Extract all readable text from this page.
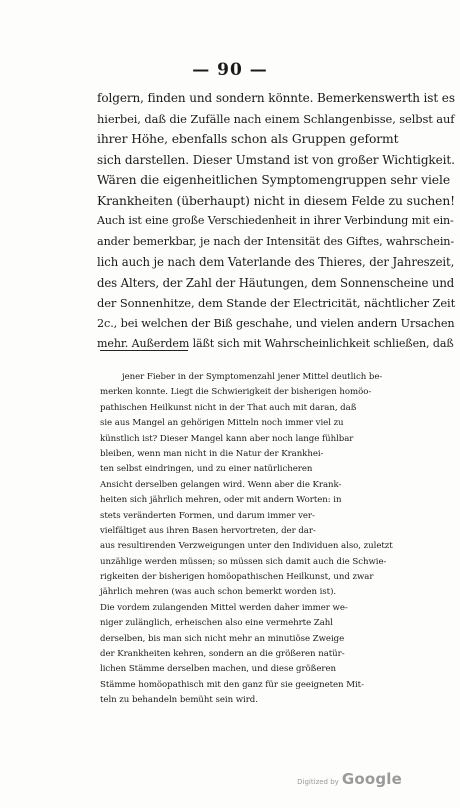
— 90 —
folgern, finden und sondern könnte. Bemerkenswerth ist es
hierbei, daß die Zufälle nach einem Schlangenbisse, selbst auf
ihrer Höhe, ebenfalls schon als Gruppen geformt
sich darstellen. Dieser Umstand ist von großer Wichtigkeit.
Wären die eigenheitlichen Symptomengruppen sehr viele
Krankheiten (überhaupt) nicht in diesem Felde zu suchen!
Auch ist eine große Verschiedenheit in ihrer Verbindung mit ein-
ander bemerkbar, je nach der Intensität des Giftes, wahrschein-
lich auch je nach dem Vaterlande des Thieres, der Jahreszeit,
des Alters, der Zahl der Häutungen, dem Sonnenscheine und
der Sonnenhitze, dem Stande der Electricität, nächtlicher Zeit
2c., bei welchen der Biß geschahe, und vielen andern Ursachen
mehr. Außerdem läßt sich mit Wahrscheinlichkeit schließen, daß
jener Fieber in der Symptomenzahl jener Mittel deutlich be-
merken konnte. Liegt die Schwierigkeit der bisherigen homöo-
pathischen Heilkunst nicht in der That auch mit daran, daß
sie aus Mangel an gehörigen Mitteln noch immer viel zu
künstlich ist? Dieser Mangel kann aber noch lange fühlbar
bleiben, wenn man nicht in die Natur der Krankhei-
ten selbst eindringen, und zu einer natürlicheren
Ansicht derselben gelangen wird. Wenn aber die Krank-
heiten sich jährlich mehren, oder mit andern Worten: in
stets veränderten Formen, und darum immer ver-
vielfältiget aus ihren Basen hervortreten, der dar-
aus resultirenden Verzweigungen unter den Individuen also, zuletzt
unzählige werden müssen; so müssen sich damit auch die Schwie-
rigkeiten der bisherigen homöopathischen Heilkunst, und zwar
jährlich mehren (was auch schon bemerkt worden ist).
Die vordem zulangenden Mittel werden daher immer we-
niger zulänglich, erheischen also eine vermehrte Zahl
derselben, bis man sich nicht mehr an minutiöse Zweige
der Krankheiten kehren, sondern an die größeren natür-
lichen Stämme derselben machen, und diese größeren
Stämme homöopathisch mit den ganz für sie geeigneten Mit-
teln zu behandeln bemüht sein wird.
Digitized by Google
